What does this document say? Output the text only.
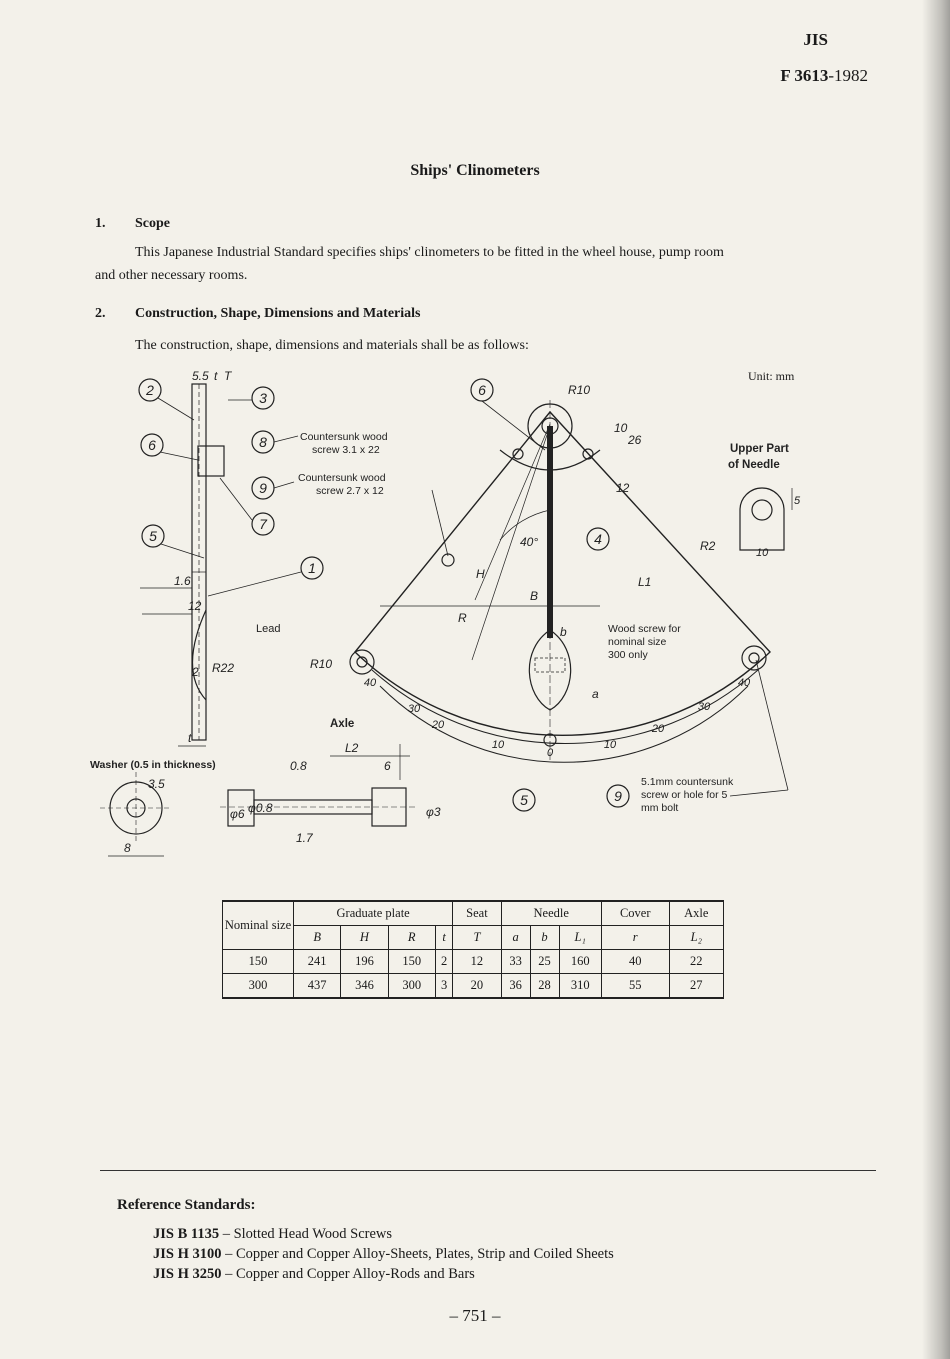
JIS
F 3613-1982
Ships' Clinometers
1. Scope
This Japanese Industrial Standard specifies ships' clinometers to be fitted in the wheel house, pump room
and other necessary rooms.
2. Construction, Shape, Dimensions and Materials
The construction, shape, dimensions and materials shall be as follows:
Unit: mm
5.5 t T
1.6
12
R22
2
t
2	3
6	8
9
7
5
1
4
6
5	9
R10
10
26
12
R2
40°
H
R
B
L1
b
a
R10
L2
0.8	6
1.7
3.5
8
φ6 φ0.8	φ3
40
30
20
10
0
10
20
30
40
5
10
Countersunk wood
screw 3.1 x 22
Countersunk wood
screw 2.7 x 12
Wood screw for
nominal size
300 only
5.1mm countersunk
screw or hole for 5
mm bolt
Lead
Upper Part
of Needle
Axle
Washer (0.5 in thickness)
Nominal size	Graduate plate				Seat	Needle			Cover	Axle
	B	H	R	t	T	a	b	L₁	r	L₂
150	241	196	150	2	12	33	25	160	40	22
300	437	346	300	3	20	36	28	310	55	27
Reference Standards:
JIS B 1135 – Slotted Head Wood Screws
JIS H 3100 – Copper and Copper Alloy-Sheets, Plates, Strip and Coiled Sheets
JIS H 3250 – Copper and Copper Alloy-Rods and Bars
– 751 –
